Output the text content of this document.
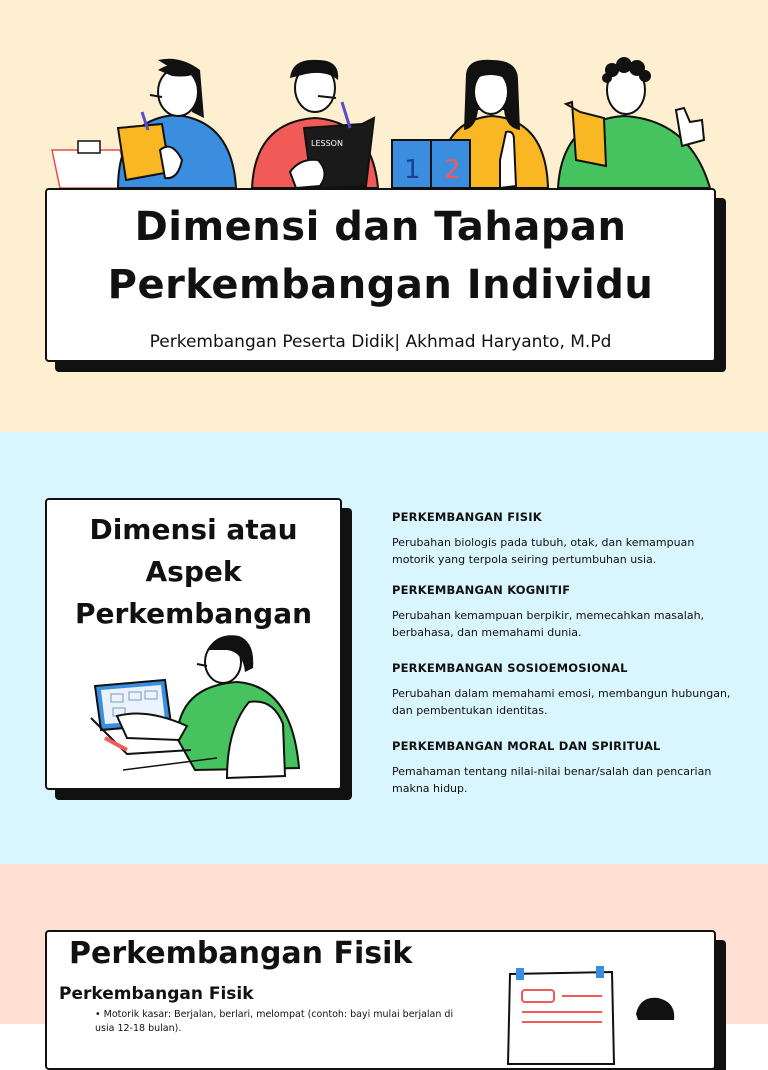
LESSON
1 2
Dimensi dan Tahapan
Perkembangan Individu
Perkembangan Peserta Didik| Akhmad Haryanto, M.Pd
Dimensi atau
Aspek
Perkembangan
PERKEMBANGAN FISIK
Perubahan biologis pada tubuh, otak, dan kemampuan motorik yang terpola seiring pertumbuhan usia.
PERKEMBANGAN KOGNITIF
Perubahan kemampuan berpikir, memecahkan masalah, berbahasa, dan memahami dunia.
PERKEMBANGAN SOSIOEMOSIONAL
Perubahan dalam memahami emosi, membangun hubungan, dan pembentukan identitas.
PERKEMBANGAN MORAL DAN SPIRITUAL
Pemahaman tentang nilai-nilai benar/salah dan pencarian makna hidup.
Perkembangan Fisik
Perkembangan Fisik
• Motorik kasar: Berjalan, berlari, melompat (contoh: bayi mulai berjalan di usia 12-18 bulan).
